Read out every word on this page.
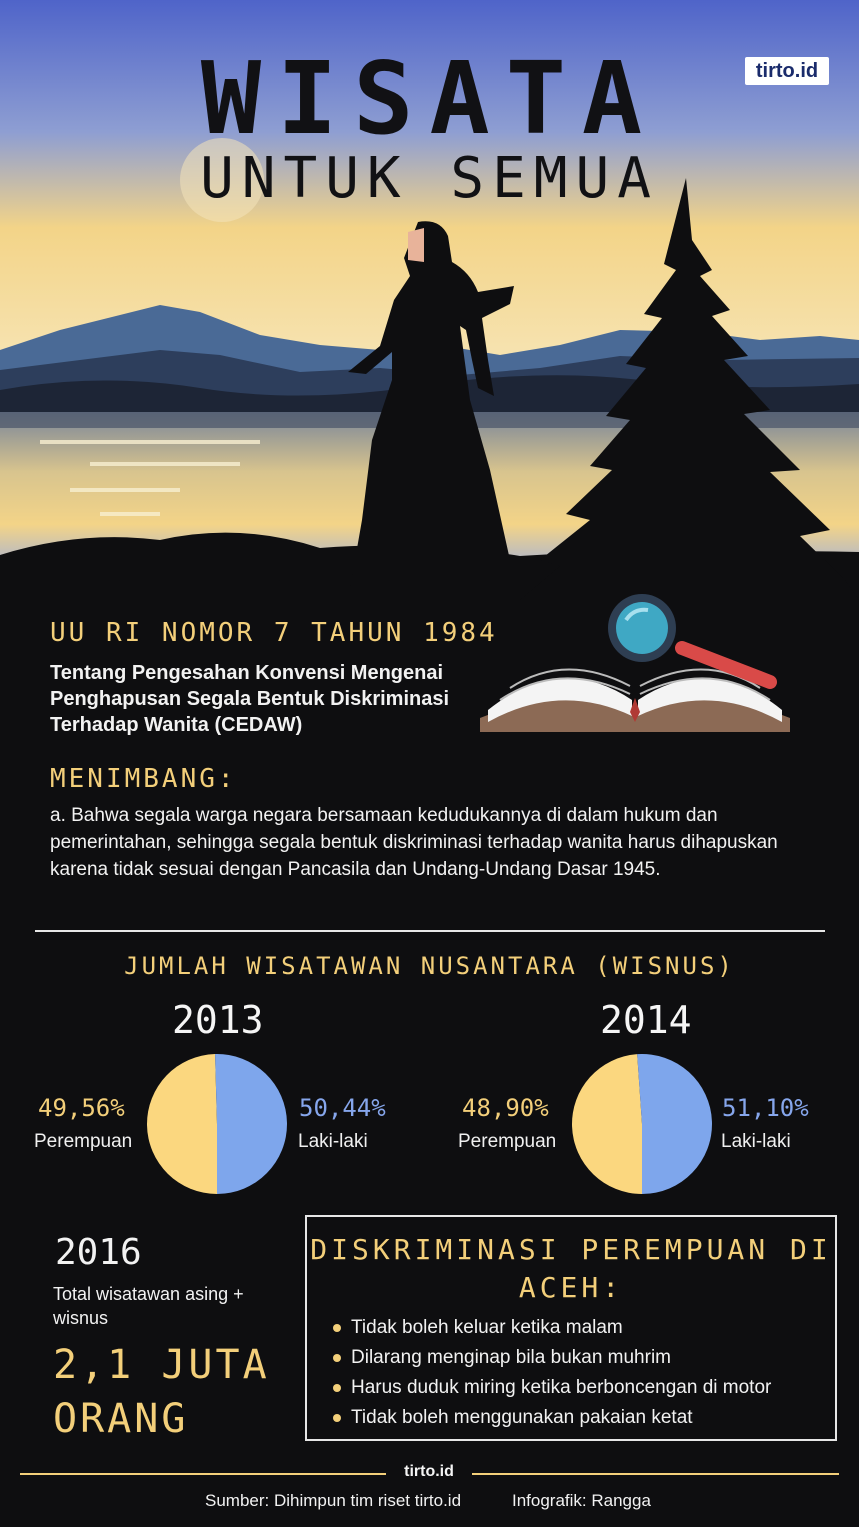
WISATA
UNTUK SEMUA
tirto.id
UU RI NOMOR 7 TAHUN 1984
Tentang Pengesahan Konvensi Mengenai Penghapusan Segala Bentuk Diskriminasi Terhadap Wanita (CEDAW)
MENIMBANG:
a. Bahwa segala warga negara bersamaan kedudukannya di dalam hukum dan pemerintahan, sehingga segala bentuk diskriminasi terhadap wanita harus dihapuskan karena tidak sesuai dengan Pancasila dan Undang-Undang Dasar 1945.
JUMLAH WISATAWAN NUSANTARA (WISNUS)
2013	2014
49,56%
Perempuan
50,44%
Laki-laki
48,90%
Perempuan
51,10%
Laki-laki
2016
Total wisatawan asing + wisnus
2,1 JUTA ORANG
DISKRIMINASI PEREMPUAN DI ACEH:
Tidak boleh keluar ketika malam
Dilarang menginap bila bukan muhrim
Harus duduk miring ketika berboncengan di motor
Tidak boleh menggunakan pakaian ketat
tirto.id
Sumber: Dihimpun tim riset tirto.id	Infografik: Rangga
